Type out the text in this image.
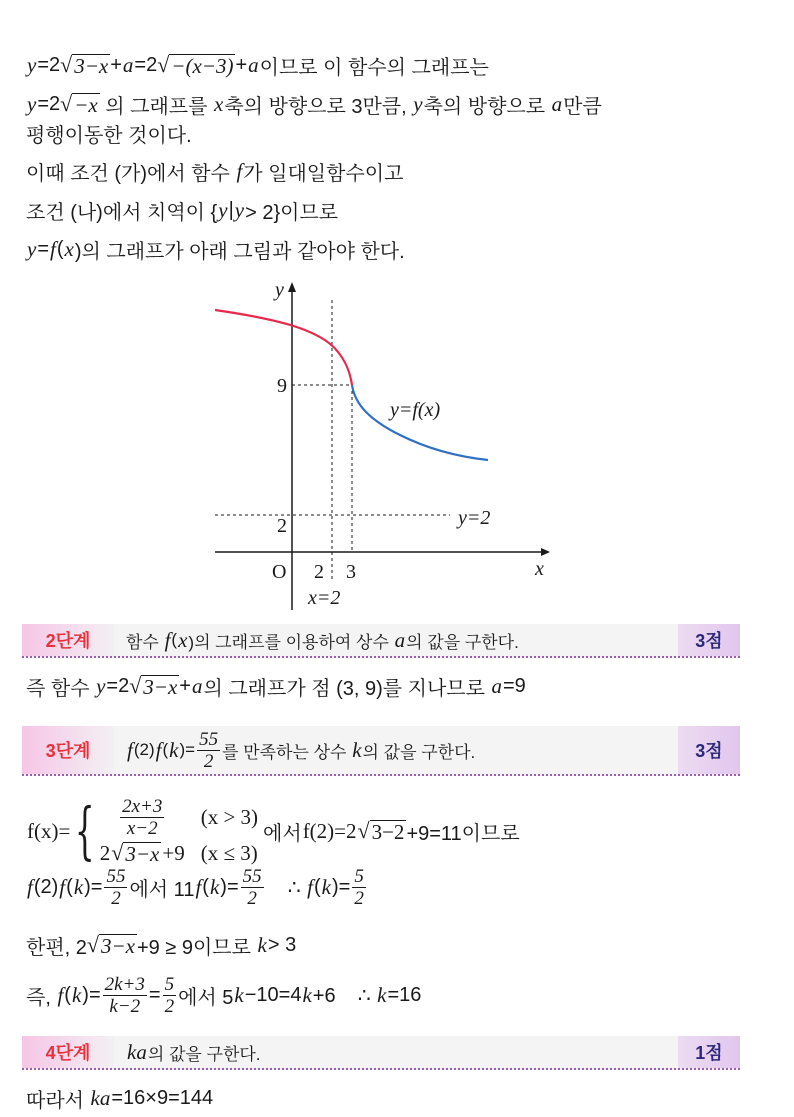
y = 2 √ 3−x + a = 2 √ −(x−3) + a 이므로 이 함수의 그래프는
y = 2 √ −x 의 그래프를 x 축의 방향으로 3만큼, y 축의 방향으로 a 만큼
평행이동한 것이다.
이때 조건 (가)에서 함수 f 가 일대일함수이고
조건 (나)에서 치역이 { y | y > 2}이므로
y = f ( x )의 그래프가 아래 그림과 같아야 한다.
즉 함수 y = 2 √ 3−x + a 의 그래프가 점 (3, 9)를 지나므로 a =9
f (2) f ( k )= $\frac{55}{2}$ 에서 11 f ( k )= $\frac{55}{2}$ ∴ f ( k )= $\frac{5}{2}$
한편, 2 √ 3−x +9 ≥ 9이므로 k > 3
즉, f ( k )= $\frac{2k+3}{k-2} = \frac{5}{2}$ 에서 5 k −10=4 k +6    ∴ k =16
따라서 ka =16×9=144
f(x)= { $\frac{2x+3}{x-2} (x > 3)$
2 √ 3−x +9 (x ≤ 3)
에서 f(2)=2 √ 3−2 +9=11이므로
2단계	함수 f ( x )의 그래프를 이용하여 상수 a 의 값을 구한다.	3점
3단계	f (2) f ( k )= $\frac{55}{2}$ 를 만족하는 상수 k 의 값을 구한다.	3점
4단계	ka 의 값을 구한다.	1점
y
x
O 2 3
9
2
y=f(x)
y=2
x=2
